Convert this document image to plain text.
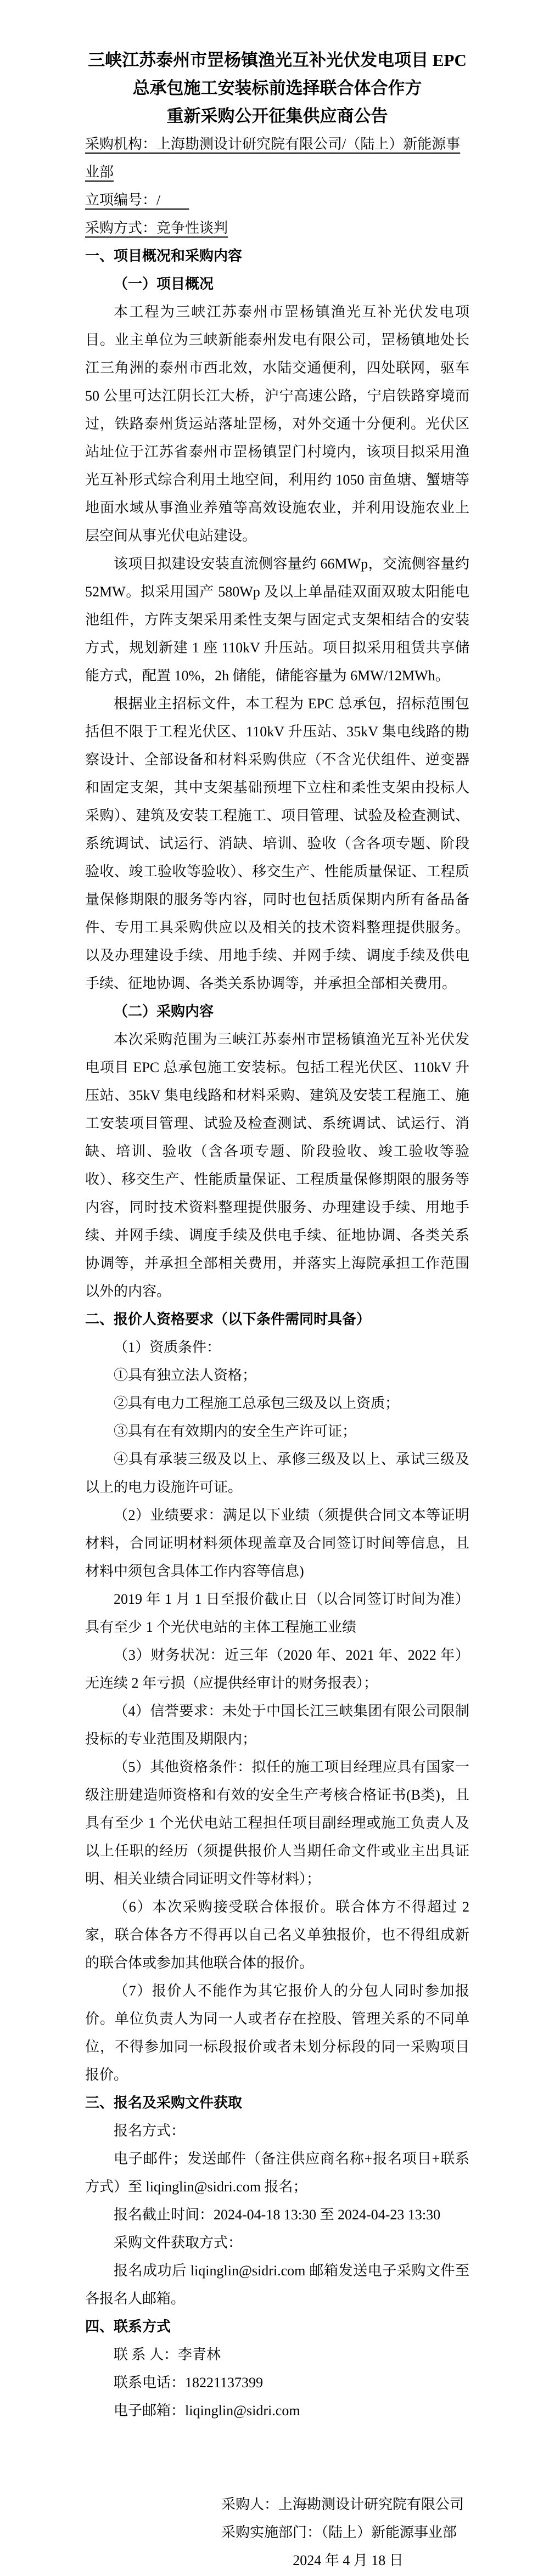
三峡江苏泰州市罡杨镇渔光互补光伏发电项目 EPC
总承包施工安装标前选择联合体合作方
重新采购公开征集供应商公告
采购机构：上海勘测设计研究院有限公司/（陆上）新能源事业部
立项编号：/　　
采购方式：竞争性谈判
一、项目概况和采购内容
（一）项目概况
本工程为三峡江苏泰州市罡杨镇渔光互补光伏发电项目。业主单位为三峡新能泰州发电有限公司，罡杨镇地处长江三角洲的泰州市西北效，水陆交通便利，四处联网，驱车 50 公里可达江阴长江大桥，沪宁高速公路，宁启铁路穿境而过，铁路泰州货运站落址罡杨，对外交通十分便利。光伏区站址位于江苏省泰州市罡杨镇罡门村境内，该项目拟采用渔光互补形式综合利用土地空间，利用约 1050 亩鱼塘、蟹塘等地面水域从事渔业养殖等高效设施农业，并利用设施农业上层空间从事光伏电站建设。
该项目拟建设安装直流侧容量约 66MWp，交流侧容量约 52MW。拟采用国产 580Wp 及以上单晶硅双面双玻太阳能电池组件，方阵支架采用柔性支架与固定式支架相结合的安装方式，规划新建 1 座 110kV 升压站。项目拟采用租赁共享储能方式，配置 10%，2h 储能，储能容量为 6MW/12MWh。
根据业主招标文件，本工程为 EPC 总承包，招标范围包括但不限于工程光伏区、110kV 升压站、35kV 集电线路的勘察设计、全部设备和材料采购供应（不含光伏组件、逆变器和固定支架，其中支架基础预埋下立柱和柔性支架由投标人采购）、建筑及安装工程施工、项目管理、试验及检查测试、系统调试、试运行、消缺、培训、验收（含各项专题、阶段验收、竣工验收等验收）、移交生产、性能质量保证、工程质量保修期限的服务等内容，同时也包括质保期内所有备品备件、专用工具采购供应以及相关的技术资料整理提供服务。以及办理建设手续、用地手续、并网手续、调度手续及供电手续、征地协调、各类关系协调等，并承担全部相关费用。
（二）采购内容
本次采购范围为三峡江苏泰州市罡杨镇渔光互补光伏发电项目 EPC 总承包施工安装标。包括工程光伏区、110kV 升压站、35kV 集电线路和材料采购、建筑及安装工程施工、施工安装项目管理、试验及检查测试、系统调试、试运行、消缺、培训、验收（含各项专题、阶段验收、竣工验收等验收）、移交生产、性能质量保证、工程质量保修期限的服务等内容，同时技术资料整理提供服务、办理建设手续、用地手续、并网手续、调度手续及供电手续、征地协调、各类关系协调等，并承担全部相关费用，并落实上海院承担工作范围以外的内容。
二、报价人资格要求（以下条件需同时具备）
（1）资质条件：
①具有独立法人资格；
②具有电力工程施工总承包三级及以上资质；
③具有在有效期内的安全生产许可证；
④具有承装三级及以上、承修三级及以上、承试三级及以上的电力设施许可证。
（2）业绩要求：满足以下业绩（须提供合同文本等证明材料，合同证明材料须体现盖章及合同签订时间等信息，且材料中须包含具体工作内容等信息)
2019 年 1 月 1 日至报价截止日（以合同签订时间为准）具有至少 1 个光伏电站的主体工程施工业绩
（3）财务状况：近三年（2020 年、2021 年、2022 年）无连续 2 年亏损（应提供经审计的财务报表）；
（4）信誉要求：未处于中国长江三峡集团有限公司限制投标的专业范围及期限内；
（5）其他资格条件：拟任的施工项目经理应具有国家一级注册建造师资格和有效的安全生产考核合格证书(B类)，且具有至少 1 个光伏电站工程担任项目副经理或施工负责人及以上任职的经历（须提供报价人当期任命文件或业主出具证明、相关业绩合同证明文件等材料）；
（6）本次采购接受联合体报价。联合体方不得超过 2 家，联合体各方不得再以自己名义单独报价，也不得组成新的联合体或参加其他联合体的报价。
（7）报价人不能作为其它报价人的分包人同时参加报价。单位负责人为同一人或者存在控股、管理关系的不同单位，不得参加同一标段报价或者未划分标段的同一采购项目报价。
三、报名及采购文件获取
报名方式：
电子邮件；发送邮件（备注供应商名称+报名项目+联系方式）至 liqinglin@sidri.com 报名；
报名截止时间：2024-04-18 13:30 至 2024-04-23 13:30
采购文件获取方式：
报名成功后 liqinglin@sidri.com 邮箱发送电子采购文件至各报名人邮箱。
四、联系方式
联 系 人：李青林
联系电话：18221137399
电子邮箱：liqinglin@sidri.com
采购人：上海勘测设计研究院有限公司
采购实施部门：（陆上）新能源事业部
2024 年 4 月 18 日
